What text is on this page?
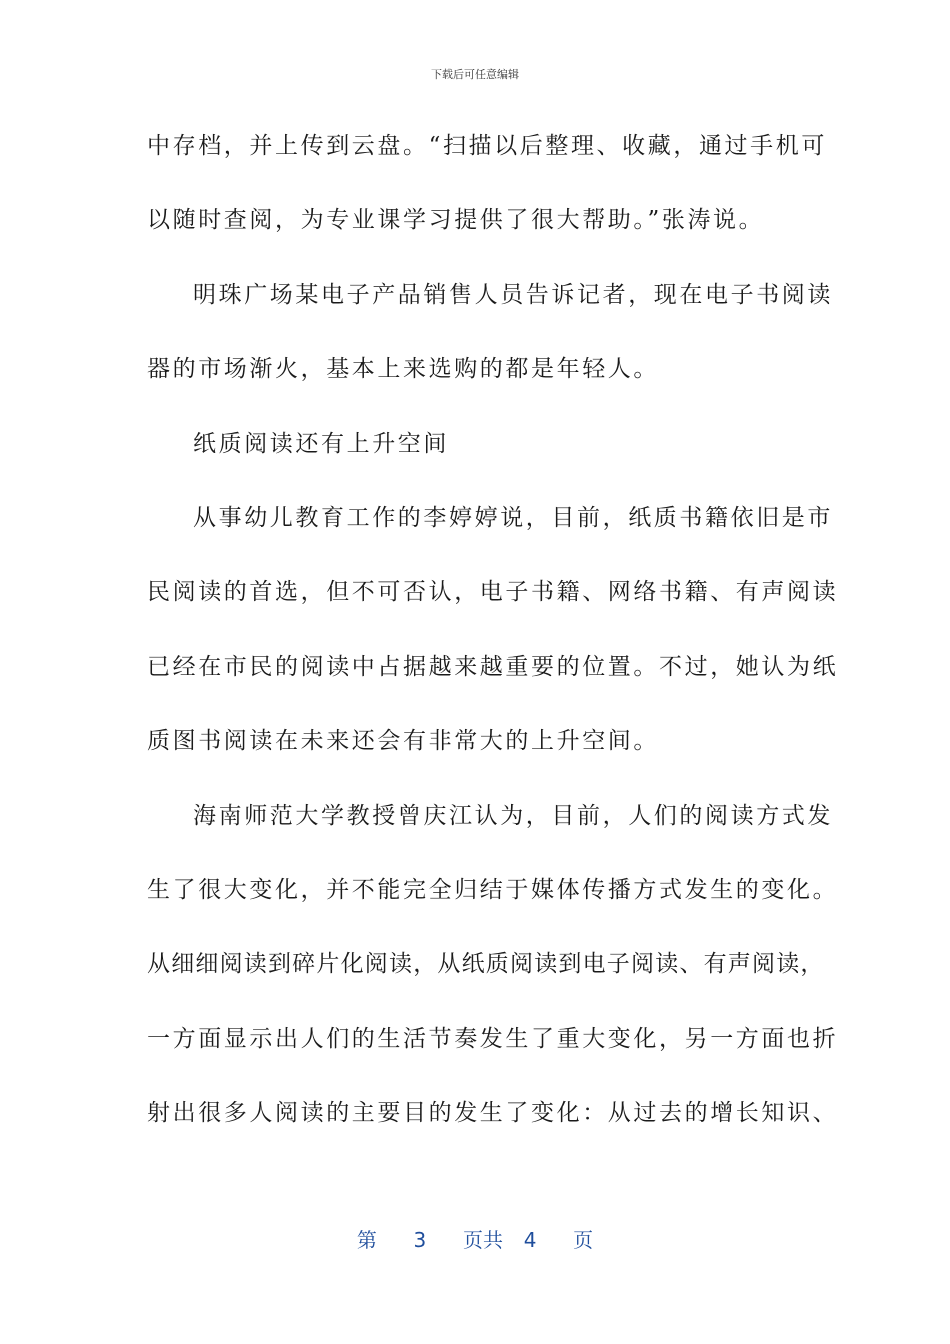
下载后可任意编辑
中存档，并上传到云盘。“扫描以后整理、收藏，通过手机可
以随时查阅，为专业课学习提供了很大帮助。”张涛说。
明珠广场某电子产品销售人员告诉记者，现在电子书阅读
器的市场渐火，基本上来选购的都是年轻人。
纸质阅读还有上升空间
从事幼儿教育工作的李婷婷说，目前，纸质书籍依旧是市
民阅读的首选，但不可否认，电子书籍、网络书籍、有声阅读
已经在市民的阅读中占据越来越重要的位置。不过，她认为纸
质图书阅读在未来还会有非常大的上升空间。
海南师范大学教授曾庆江认为，目前，人们的阅读方式发
生了很大变化，并不能完全归结于媒体传播方式发生的变化。
从细细阅读到碎片化阅读，从纸质阅读到电子阅读、有声阅读，
一方面显示出人们的生活节奏发生了重大变化，另一方面也折
射出很多人阅读的主要目的发生了变化：从过去的增长知识、
第 3 页共 4 页
